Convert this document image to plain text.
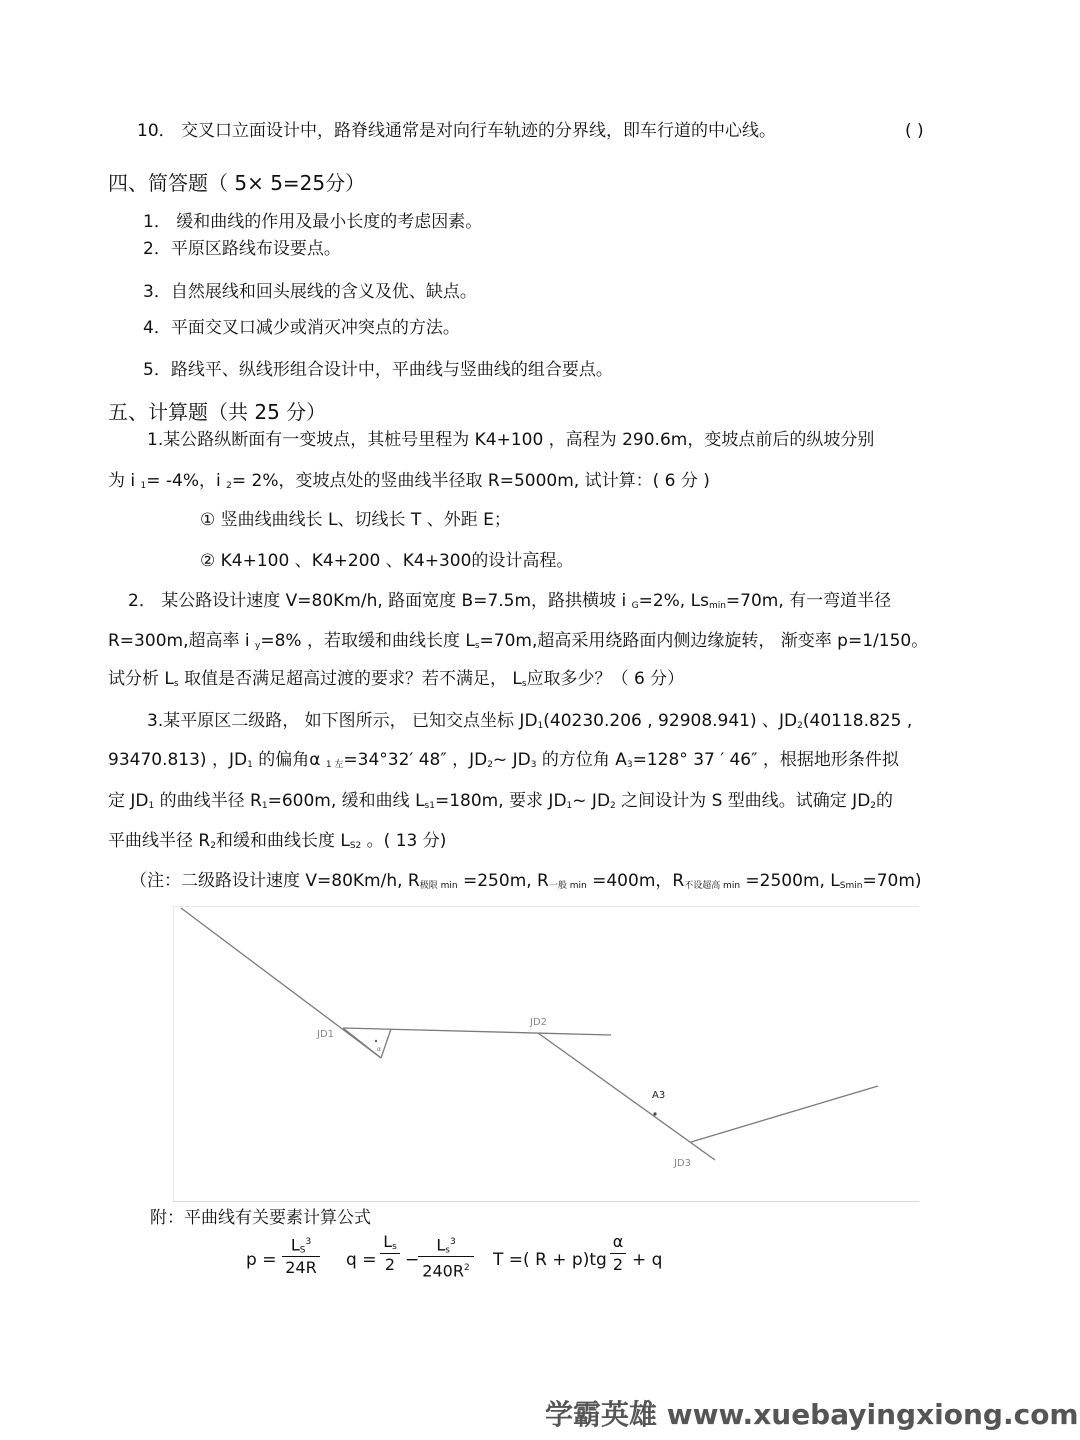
10． 交叉口立面设计中，路脊线通常是对向行车轨迹的分界线，即车行道的中心线。	( )
四、简答题（ 5× 5=25分）
1． 缓和曲线的作用及最小长度的考虑因素。
2．平原区路线布设要点。
3．自然展线和回头展线的含义及优、缺点。
4．平面交叉口减少或消灭冲突点的方法。
5．路线平、纵线形组合设计中，平曲线与竖曲线的组合要点。
五、计算题（共 25 分）
1.某公路纵断面有一变坡点，其桩号里程为 K4+100 ，高程为 290.6m，变坡点前后的纵坡分别
为 i $_1$= -4%，i $_2$= 2%，变坡点处的竖曲线半径取 R=5000m, 试计算：( 6 分 )
① 竖曲线曲线长 L、切线长 T 、外距 E；
② K4+100 、K4+200 、K4+300的设计高程。
2． 某公路设计速度 V=80Km/h, 路面宽度 B=7.5m，路拱横坡 i $_G$=2%, $Ls_{min}=70m$, 有一弯道半径
R=300m,超高率 i $_y$=8% ，若取缓和曲线长度 $L_s=70m$,超高采用绕路面内侧边缘旋转， 渐变率 p=1/150。
试分析 $L_s$ 取值是否满足超高过渡的要求？若不满足， $L_s$应取多少？（ 6 分）
3.某平原区二级路， 如下图所示， 已知交点坐标 $JD_1(40230.206$ , 92908.941) 、$JD_2(40118.825$ ,
93470.813) ，$JD_1$ 的偏角α $_{1 左}$=34°32′ 48″ ，$JD_2\sim$ $JD_3$ 的方位角 $A_3=128^\circ$ 37 ′ 46″ ，根据地形条件拟
定 $JD_1$ 的曲线半径 $R_1=600m$, 缓和曲线 $L_{s1}=180m$, 要求 $JD_1\sim$ $JD_2$ 之间设计为 S 型曲线。试确定 $JD_2$的
平曲线半径 $R_2$和缓和曲线长度 $L_{S2}$ 。( 13 分)
（注：二级路设计速度 V=80Km/h, $R_{极限 min} =250m$, $R_{一般 min} =400m$，$R_{不设超高 min} =2500m$, $L_{Smin}=70m$)
JD1
JD2
JD3
A3
α
附：平曲线有关要素计算公式
p =
$L_S^3$
24R q =
$L_s$
2 −
$L_s^3$
$240R^2$ T =( R + p)tg
α
2 + q
学霸英雄 www.xuebayingxiong.com
